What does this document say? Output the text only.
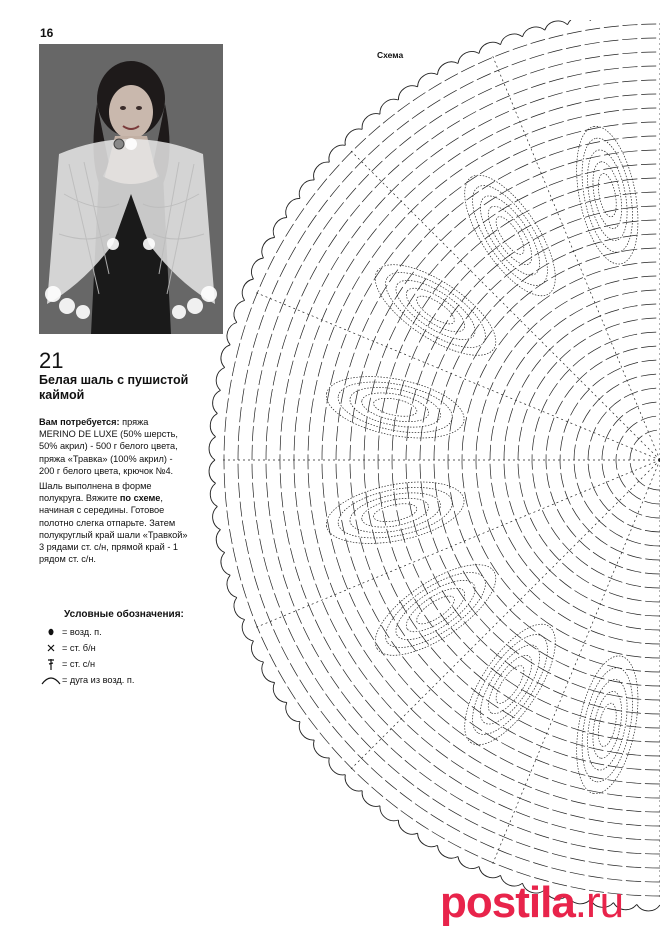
16
21
Белая шаль с пушистой каймой
Вам потребуется: пряжа MERINO DE LUXE (50% шерсть, 50% акрил) - 500 г белого цвета, пряжа «Травка» (100% акрил) - 200 г белого цвета, крючок №4.
Шаль выполнена в форме полукруга. Вяжите по схеме, начиная с середины. Готовое полотно слегка отпарьте. Затем полукруглый край шали «Травкой» 3 рядами ст. с/н, прямой край - 1 рядом ст. с/н.
Условные обозначения:
= возд. п.
= ст. б/н
= ст. с/н
= дуга из возд. п.
Схема
postila.ru
